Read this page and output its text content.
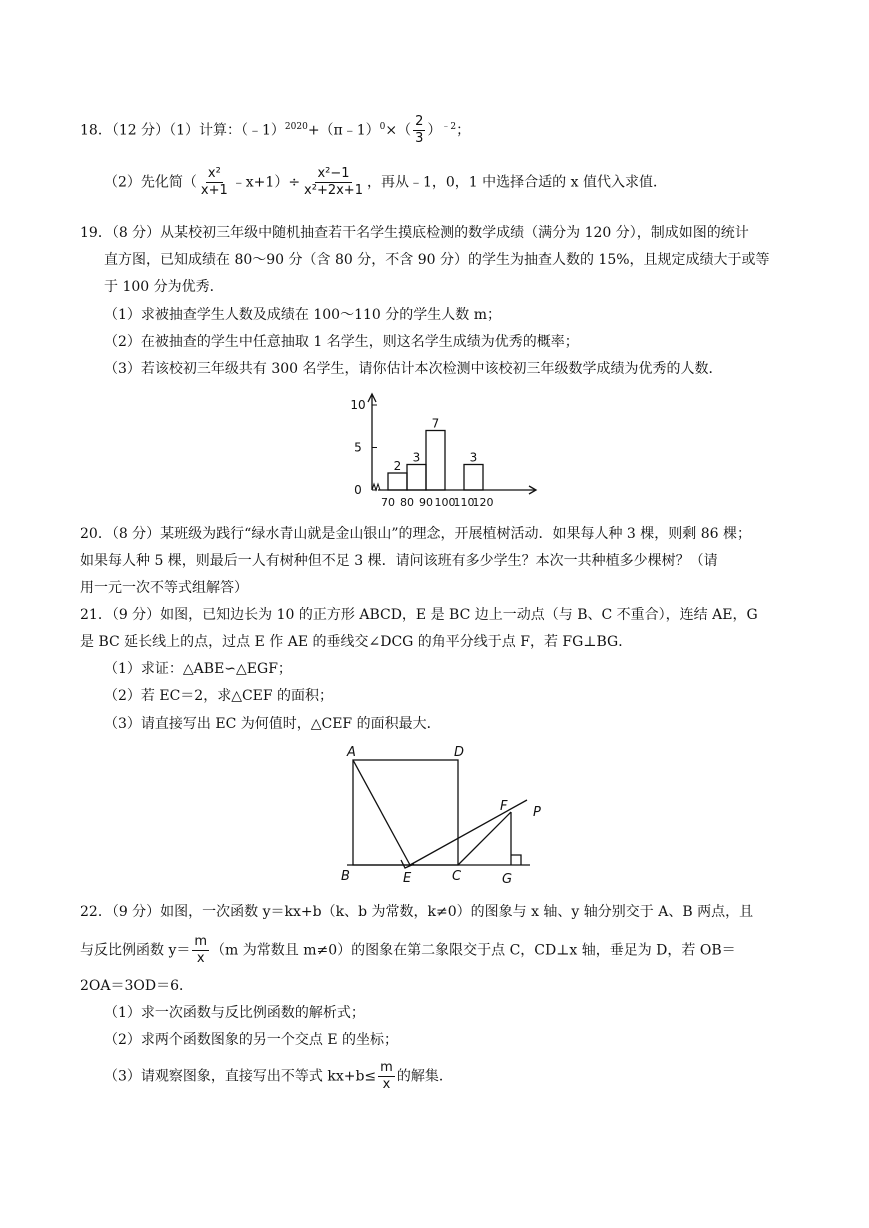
18．（12 分）（1）计算：（﹣1）$^{2020}$+（π﹣1）$^0$×（ $\frac{2}{3} )^{﹣2}$；
（2）先化简（ $\frac{\text{x²}}{x+1}$ ﹣x+1）÷ $\frac{\text{x²−1}}{\text{x²+2x+1}}$ ，再从﹣1，0，1 中选择合适的 x 值代入求值．
19．（8 分）从某校初三年级中随机抽查若干名学生摸底检测的数学成绩（满分为 120 分），制成如图的统计
直方图，已知成绩在 80～90 分（含 80 分，不含 90 分）的学生为抽查人数的 15%，且规定成绩大于或等
于 100 分为优秀．
（1）求被抽查学生人数及成绩在 100～110 分的学生人数 m；
（2）在被抽查的学生中任意抽取 1 名学生，则这名学生成绩为优秀的概率；
（3）若该校初三年级共有 300 名学生，请你估计本次检测中该校初三年级数学成绩为优秀的人数．
0
5
10
2
3
7
3
70 80 90 100
110
120
20．（8 分）某班级为践行“绿水青山就是金山银山”的理念，开展植树活动．如果每人种 3 棵，则剩 86 棵；
如果每人种 5 棵，则最后一人有树种但不足 3 棵．请问该班有多少学生？本次一共种植多少棵树？（请
用一元一次不等式组解答）
21．（9 分）如图，已知边长为 10 的正方形 ABCD，E 是 BC 边上一动点（与 B、C 不重合），连结 AE，G
是 BC 延长线上的点，过点 E 作 AE 的垂线交∠DCG 的角平分线于点 F，若 FG⊥BG．
（1）求证：△ABE∽△EGF；
（2）若 EC＝2，求△CEF 的面积；
（3）请直接写出 EC 为何值时，△CEF 的面积最大．
A	D
B	E	C	G
F P
22．（9 分）如图，一次函数 y＝kx+b（k、b 为常数，k≠0）的图象与 x 轴、y 轴分别交于 A、B 两点，且
与反比例函数 $y= \frac{m}{x} (m$ 为常数且 m≠0）的图象在第二象限交于点 C，CD⊥x 轴，垂足为 D，若 OB＝
2OA＝3OD＝6．
（1）求一次函数与反比例函数的解析式；
（2）求两个函数图象的另一个交点 E 的坐标；
（3）请观察图象，直接写出不等式 $kx+b\le \frac{m}{x}$ 的解集．
